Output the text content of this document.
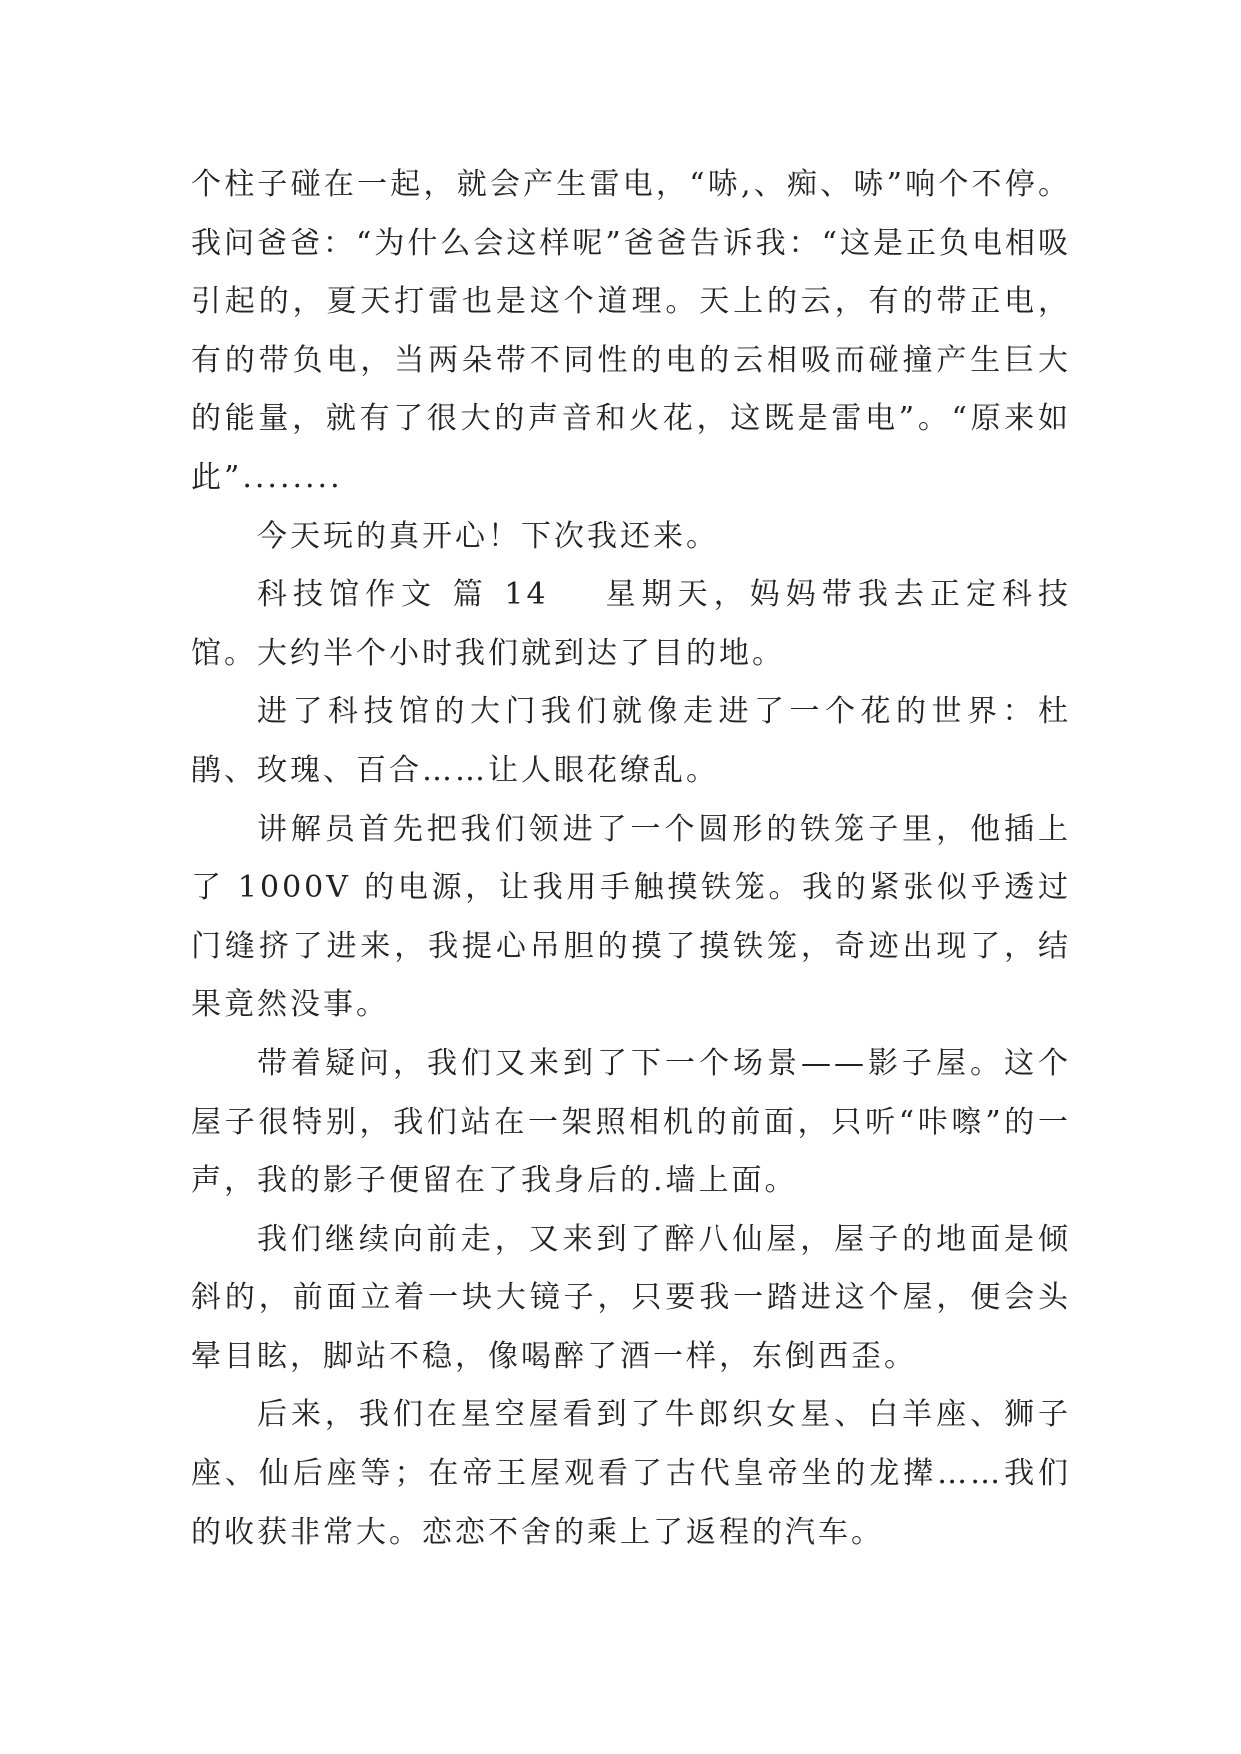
个柱子碰在一起，就会产生雷电，“哧,、痴、哧”响个不停。我问爸爸：“为什么会这样呢”爸爸告诉我：“这是正负电相吸引起的，夏天打雷也是这个道理。天上的云，有的带正电，有的带负电，当两朵带不同性的电的云相吸而碰撞产生巨大的能量，就有了很大的声音和火花，这既是雷电”。“原来如此”........

今天玩的真开心！下次我还来。

科技馆作文 篇 14 星期天，妈妈带我去正定科技馆。大约半个小时我们就到达了目的地。

进了科技馆的大门我们就像走进了一个花的世界：杜鹃、玫瑰、百合……让人眼花缭乱。

讲解员首先把我们领进了一个圆形的铁笼子里，他插上了 1000V 的电源，让我用手触摸铁笼。我的紧张似乎透过门缝挤了进来，我提心吊胆的摸了摸铁笼，奇迹出现了，结果竟然没事。

带着疑问，我们又来到了下一个场景——影子屋。这个屋子很特别，我们站在一架照相机的前面，只听“咔嚓”的一声，我的影子便留在了我身后的.墙上面。

我们继续向前走，又来到了醉八仙屋，屋子的地面是倾斜的，前面立着一块大镜子，只要我一踏进这个屋，便会头晕目眩，脚站不稳，像喝醉了酒一样，东倒西歪。

后来，我们在星空屋看到了牛郎织女星、白羊座、狮子座、仙后座等；在帝王屋观看了古代皇帝坐的龙撵……我们的收获非常大。恋恋不舍的乘上了返程的汽车。
